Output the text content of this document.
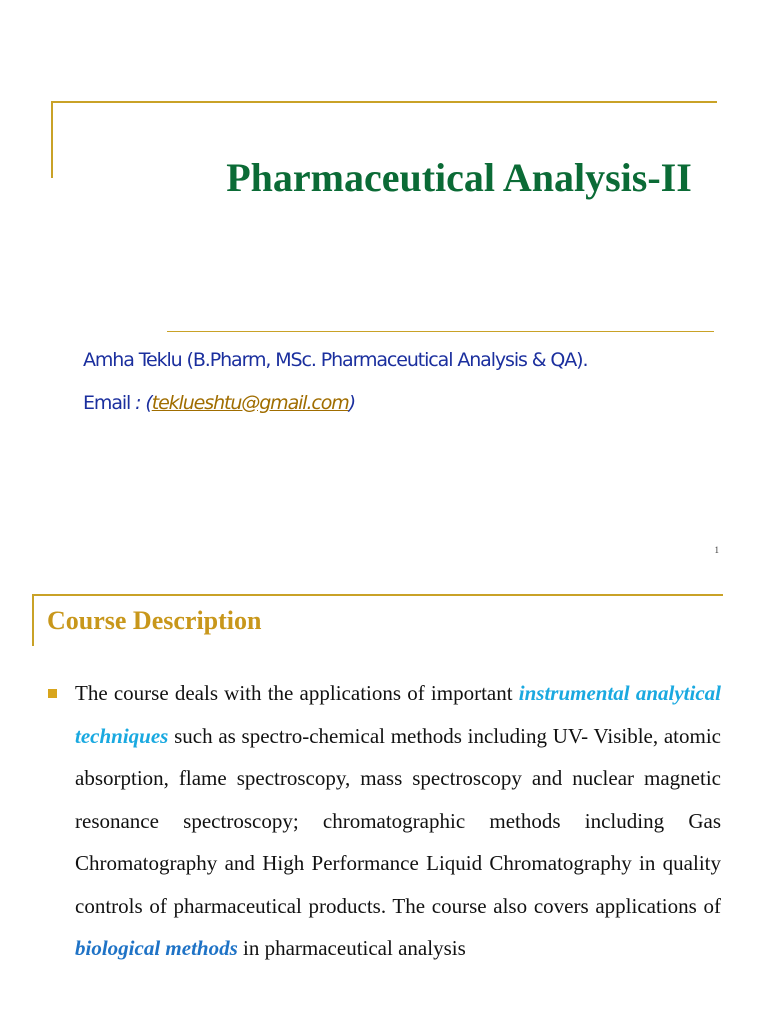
Pharmaceutical Analysis-II
Amha Teklu (B.Pharm, MSc. Pharmaceutical Analysis & QA).
Email : (teklueshtu@gmail.com)
1
Course Description

The course deals with the applications of important instrumental analytical techniques such as spectro-chemical methods including UV- Visible, atomic absorption, flame spectroscopy, mass spectroscopy and nuclear magnetic resonance spectroscopy; chromatographic methods including Gas Chromatography and High Performance Liquid Chromatography in quality controls of pharmaceutical products. The course also covers applications of biological methods in pharmaceutical analysis
